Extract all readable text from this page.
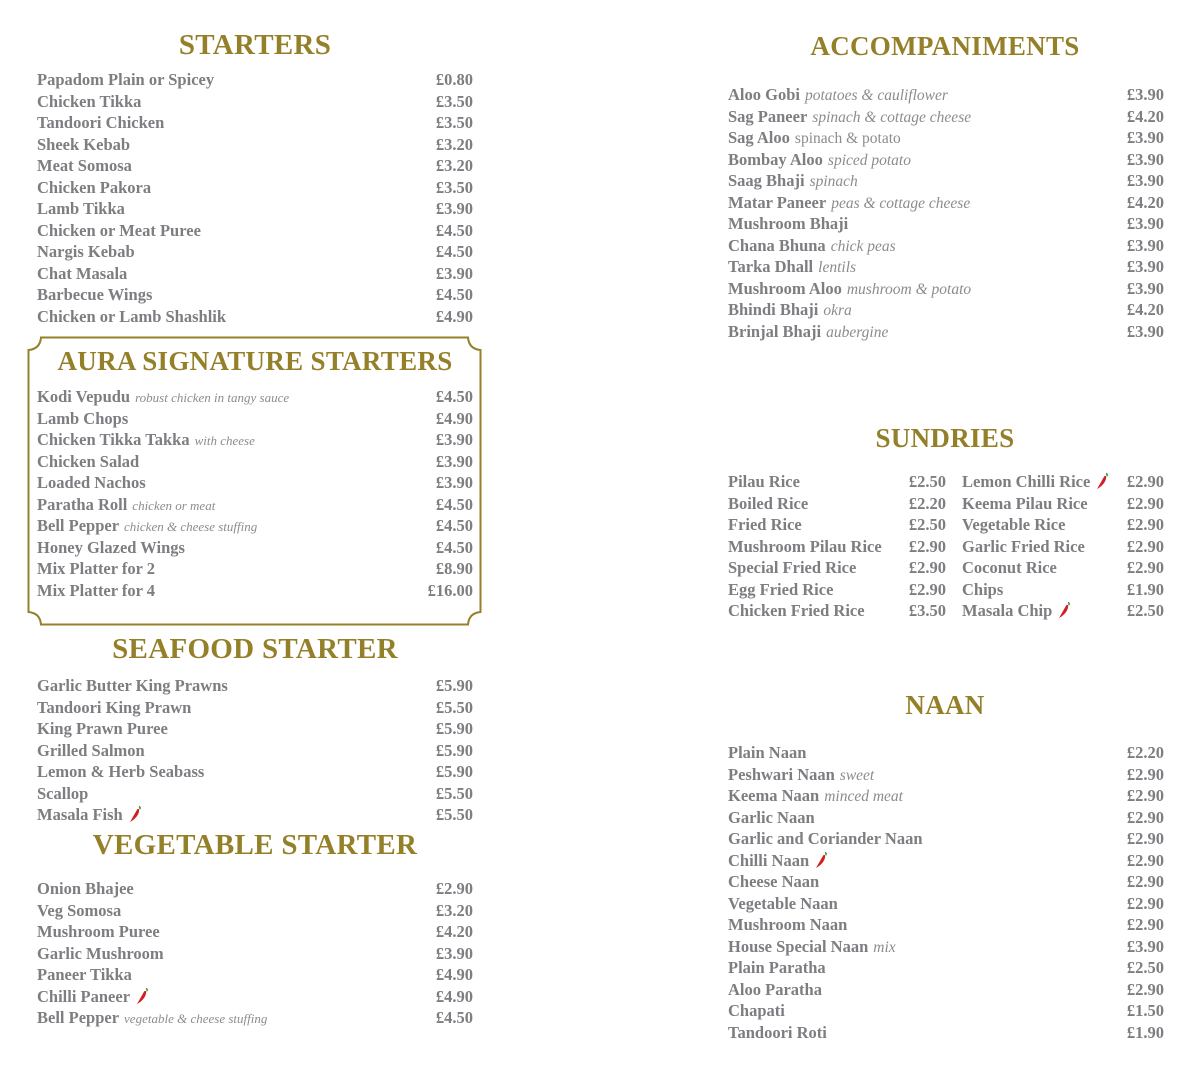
STARTERS
Papadom Plain or Spicey	£0.80
Chicken Tikka	£3.50
Tandoori Chicken	£3.50
Sheek Kebab	£3.20
Meat Somosa	£3.20
Chicken Pakora	£3.50
Lamb Tikka	£3.90
Chicken or Meat Puree	£4.50
Nargis Kebab	£4.50
Chat Masala	£3.90
Barbecue Wings	£4.50
Chicken or Lamb Shashlik	£4.90
AURA SIGNATURE STARTERS
Kodi Vepudu robust chicken in tangy sauce	£4.50
Lamb Chops	£4.90
Chicken Tikka Takka with cheese	£3.90
Chicken Salad	£3.90
Loaded Nachos	£3.90
Paratha Roll chicken or meat	£4.50
Bell Pepper chicken & cheese stuffing	£4.50
Honey Glazed Wings	£4.50
Mix Platter for 2	£8.90
Mix Platter for 4	£16.00
SEAFOOD STARTER
Garlic Butter King Prawns	£5.90
Tandoori King Prawn	£5.50
King Prawn Puree	£5.90
Grilled Salmon	£5.90
Lemon & Herb Seabass	£5.90
Scallop	£5.50
Masala Fish	£5.50
VEGETABLE STARTER
Onion Bhajee	£2.90
Veg Somosa	£3.20
Mushroom Puree	£4.20
Garlic Mushroom	£3.90
Paneer Tikka	£4.90
Chilli Paneer	£4.90
Bell Pepper vegetable & cheese stuffing	£4.50
ACCOMPANIMENTS
Aloo Gobi potatoes & cauliflower	£3.90
Sag Paneer spinach & cottage cheese	£4.20
Sag Aloo spinach & potato	£3.90
Bombay Aloo spiced potato	£3.90
Saag Bhaji spinach	£3.90
Matar Paneer peas & cottage cheese	£4.20
Mushroom Bhaji	£3.90
Chana Bhuna chick peas	£3.90
Tarka Dhall lentils	£3.90
Mushroom Aloo mushroom & potato	£3.90
Bhindi Bhaji okra	£4.20
Brinjal Bhaji aubergine	£3.90
SUNDRIES
Pilau Rice	£2.50
Boiled Rice	£2.20
Fried Rice	£2.50
Mushroom Pilau Rice £2.90
Special Fried Rice	£2.90
Egg Fried Rice	£2.90
Chicken Fried Rice	£3.50
Lemon Chilli Rice	£2.90
Keema Pilau Rice £2.90
Vegetable Rice	£2.90
Garlic Fried Rice	£2.90
Coconut Rice	£2.90
Chips	£1.90
Masala Chip	£2.50
NAAN
Plain Naan	£2.20
Peshwari Naan sweet	£2.90
Keema Naan minced meat	£2.90
Garlic Naan	£2.90
Garlic and Coriander Naan	£2.90
Chilli Naan	£2.90
Cheese Naan	£2.90
Vegetable Naan	£2.90
Mushroom Naan	£2.90
House Special Naan mix	£3.90
Plain Paratha	£2.50
Aloo Paratha	£2.90
Chapati	£1.50
Tandoori Roti	£1.90
